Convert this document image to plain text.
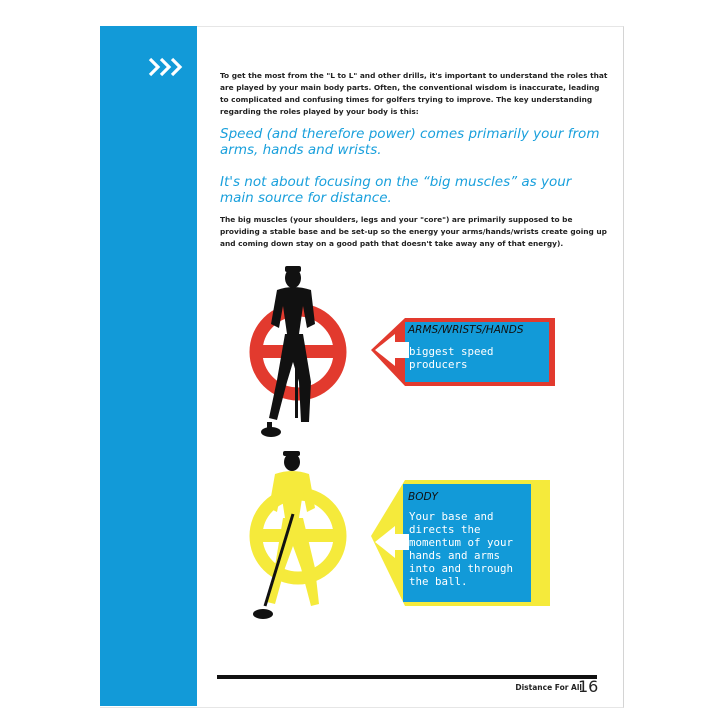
To get the most from the "L to L" and other drills, it's important to understand the roles that are played by your main body parts. Often, the conventional wisdom is inaccurate, leading to complicated and confusing times for golfers trying to improve. The key understanding regarding the roles played by your body is this:
Speed (and therefore power) comes primarily your from arms, hands and wrists.
It's not about focusing on the “big muscles” as your main source for distance.
The big muscles (your shoulders, legs and your "core") are primarily supposed to be providing a stable base and be set-up so the energy your arms/hands/wrists create going up and coming down stay on a good path that doesn't take away any of that energy).
ARMS/WRISTS/HANDS
biggest speed producers
BODY
Your base and directs the momentum of your hands and arms into and through the ball.
Distance For All
16
